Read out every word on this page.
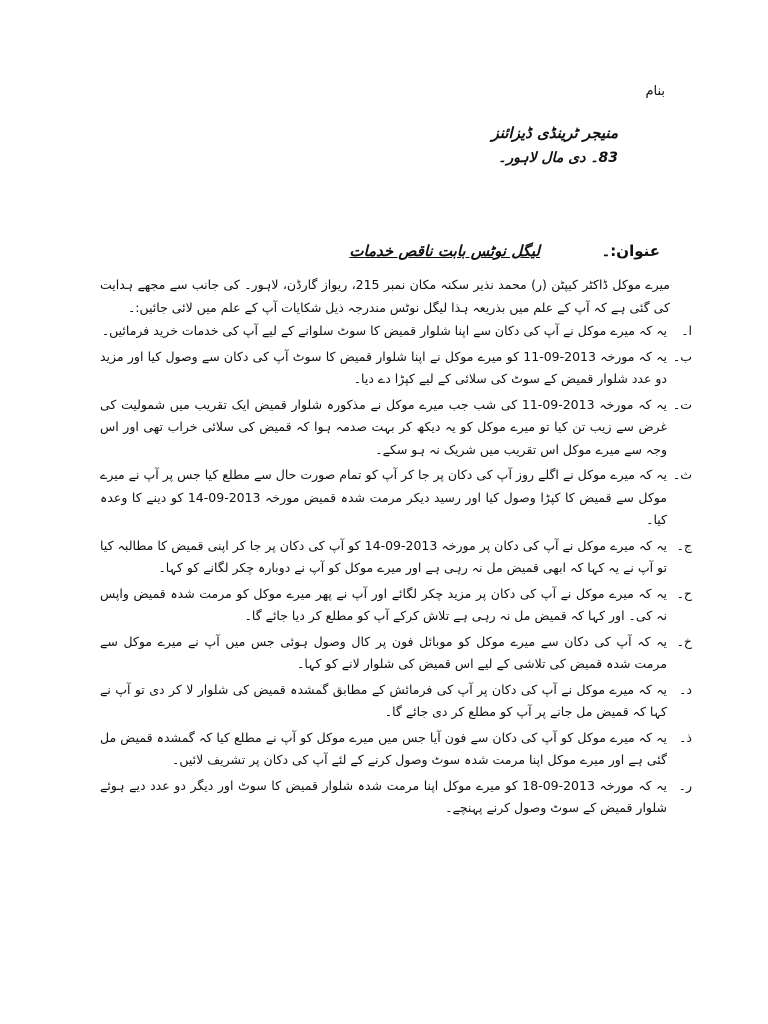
بنام
منیجر ٹرینڈی ڈیزائنز
83۔ دی مال لاہور۔
عنوان:۔
لیگل نوٹس بابت ناقص خدمات

میرے موکل ڈاکٹر کیپٹن (ر) محمد نذیر سکنہ مکان نمبر 215، ریواز گارڈن، لاہور۔ کی جانب سے مجھے ہدایت کی گئی ہے کہ آپ کے علم میں بذریعہ ہذا لیگل نوٹس مندرجہ ذیل شکایات آپ کے علم میں لائی جائیں:۔

ا۔
یہ کہ میرے موکل نے آپ کی دکان سے اپنا شلوار قمیض کا سوٹ سلوانے کے لیے آپ کی خدمات خرید فرمائیں۔
ب۔
یہ کہ مورخہ 2013-09-11 کو میرے موکل نے اپنا شلوار قمیض کا سوٹ آپ کی دکان سے وصول کیا اور مزید دو عدد شلوار قمیض کے سوٹ کی سلائی کے لیے کپڑا دے دیا۔
ت۔
یہ کہ مورخہ 2013-09-11 کی شب جب میرے موکل نے مذکورہ شلوار قمیض ایک تقریب میں شمولیت کی غرض سے زیب تن کیا تو میرے موکل کو یہ دیکھ کر بہت صدمہ ہوا کہ قمیض کی سلائی خراب تھی اور اس وجہ سے میرے موکل اس تقریب میں شریک نہ ہو سکے۔
ث۔
یہ کہ میرے موکل نے اگلے روز آپ کی دکان پر جا کر آپ کو تمام صورت حال سے مطلع کیا جس پر آپ نے میرے موکل سے قمیض کا کپڑا وصول کیا اور رسید دیکر مرمت شدہ قمیض مورخہ 2013-09-14 کو دینے کا وعدہ کیا۔
ج۔
یہ کہ میرے موکل نے آپ کی دکان پر مورخہ 2013-09-14 کو آپ کی دکان پر جا کر اپنی قمیض کا مطالبہ کیا تو آپ نے یہ کہا کہ ابھی قمیض مل نہ رہی ہے اور میرے موکل کو آپ نے دوبارہ چکر لگانے کو کہا۔
ح۔
یہ کہ میرے موکل نے آپ کی دکان پر مزید چکر لگائے اور آپ نے پھر میرے موکل کو مرمت شدہ قمیض واپس نہ کی۔ اور کہا کہ قمیض مل نہ رہی ہے تلاش کرکے آپ کو مطلع کر دیا جائے گا۔
خ۔
یہ کہ آپ کی دکان سے میرے موکل کو موبائل فون پر کال وصول ہوئی جس میں آپ نے میرے موکل سے مرمت شدہ قمیض کی تلاشی کے لیے اس قمیض کی شلوار لانے کو کہا۔
د۔
یہ کہ میرے موکل نے آپ کی دکان پر آپ کی فرمائش کے مطابق گمشدہ قمیض کی شلوار لا کر دی تو آپ نے کہا کہ قمیض مل جانے پر آپ کو مطلع کر دی جائے گا۔
ذ۔
یہ کہ میرے موکل کو آپ کی دکان سے فون آیا جس میں میرے موکل کو آپ نے مطلع کیا کہ گمشدہ قمیض مل گئی ہے اور میرے موکل اپنا مرمت شدہ سوٹ وصول کرنے کے لئے آپ کی دکان پر تشریف لائیں۔
ر۔
یہ کہ مورخہ 2013-09-18 کو میرے موکل اپنا مرمت شدہ شلوار قمیض کا سوٹ اور دیگر دو عدد دیے ہوئے شلوار قمیض کے سوٹ وصول کرنے پہنچے۔
